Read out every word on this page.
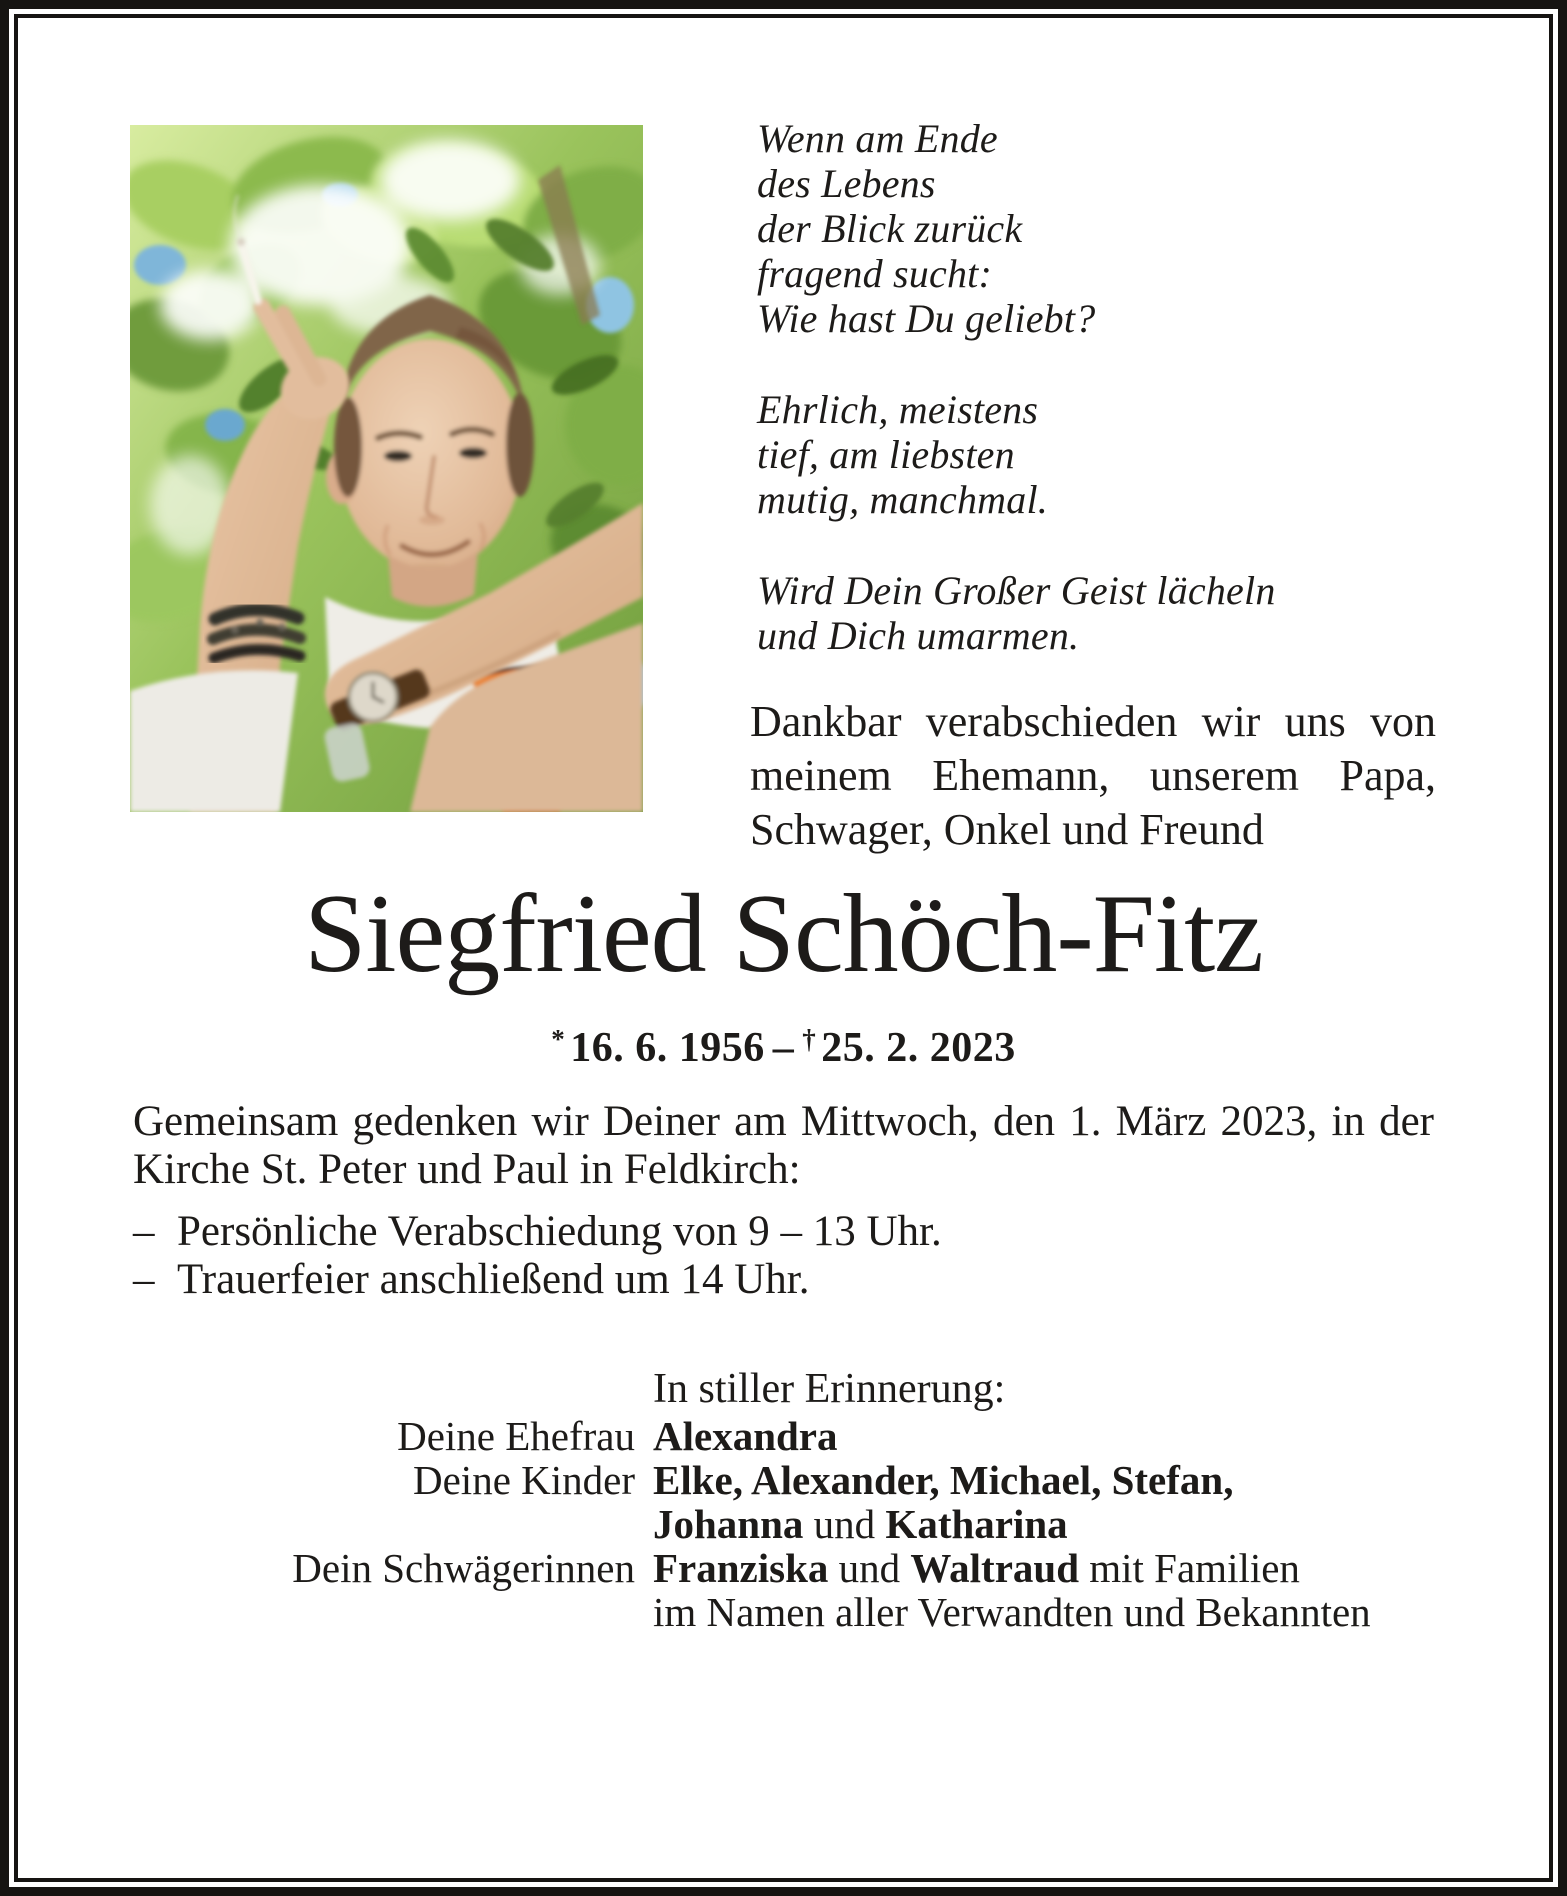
Wenn am Ende
des Lebens
der Blick zurück
fragend sucht:
Wie hast Du geliebt?
Ehrlich, meistens
tief, am liebsten
mutig, manchmal.
Wird Dein Großer Geist lächeln
und Dich umarmen.
Dankbar verabschieden wir uns von
meinem Ehemann, unserem Papa,
Schwager, Onkel und Freund
Siegfried Schöch-Fitz
* 16. 6. 1956 – † 25. 2. 2023
Gemeinsam gedenken wir Deiner am Mittwoch, den 1. März 2023, in der
Kirche St. Peter und Paul in Feldkirch:
– Persönliche Verabschiedung von 9 – 13 Uhr.
– Trauerfeier anschließend um 14 Uhr.
In stiller Erinnerung:
Deine Ehefrau Alexandra
Deine Kinder Elke, Alexander, Michael, Stefan,
Johanna und Katharina
Dein Schwägerinnen Franziska und Waltraud mit Familien
im Namen aller Verwandten und Bekannten
